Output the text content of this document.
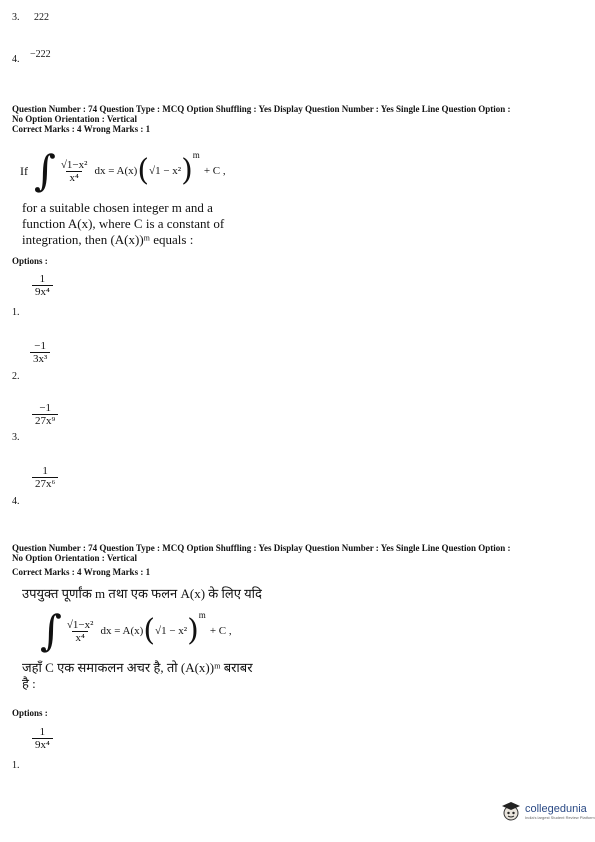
3. 222
4. −222
Question Number : 74 Question Type : MCQ Option Shuffling : Yes Display Question Number : Yes Single Line Question Option :
No Option Orientation : Vertical
Correct Marks : 4 Wrong Marks : 1
If ∫ $\frac{\text{√1−x²}}{\text{x⁴}}$ dx = A(x) ( √1 − x² )$^m$
+ C ,
for a suitable chosen integer m and a
function A(x), where C is a constant of
integration, then (A(x))ᵐ equals :
Options :
$\frac{1}{\text{9x⁴}}$
1.
$\frac{-1}{\text{3x³}}$
2.
$\frac{-1}{\text{27x⁹}}$
3.
$\frac{1}{\text{27x⁶}}$
4.
Question Number : 74 Question Type : MCQ Option Shuffling : Yes Display Question Number : Yes Single Line Question Option :
No Option Orientation : Vertical
Correct Marks : 4 Wrong Marks : 1
उपयुक्त पूर्णांक m तथा एक फलन A(x) के लिए यदि
∫ $\frac{\text{√1−x²}}{\text{x⁴}}$ dx = A(x) ( √1 − x² )$^m$
+ C ,
जहाँ C एक समाकलन अचर है, तो (A(x))ᵐ बराबर
है :
Options :
$\frac{1}{\text{9x⁴}}$
1.
collegedunia
India's largest Student Review Platform
